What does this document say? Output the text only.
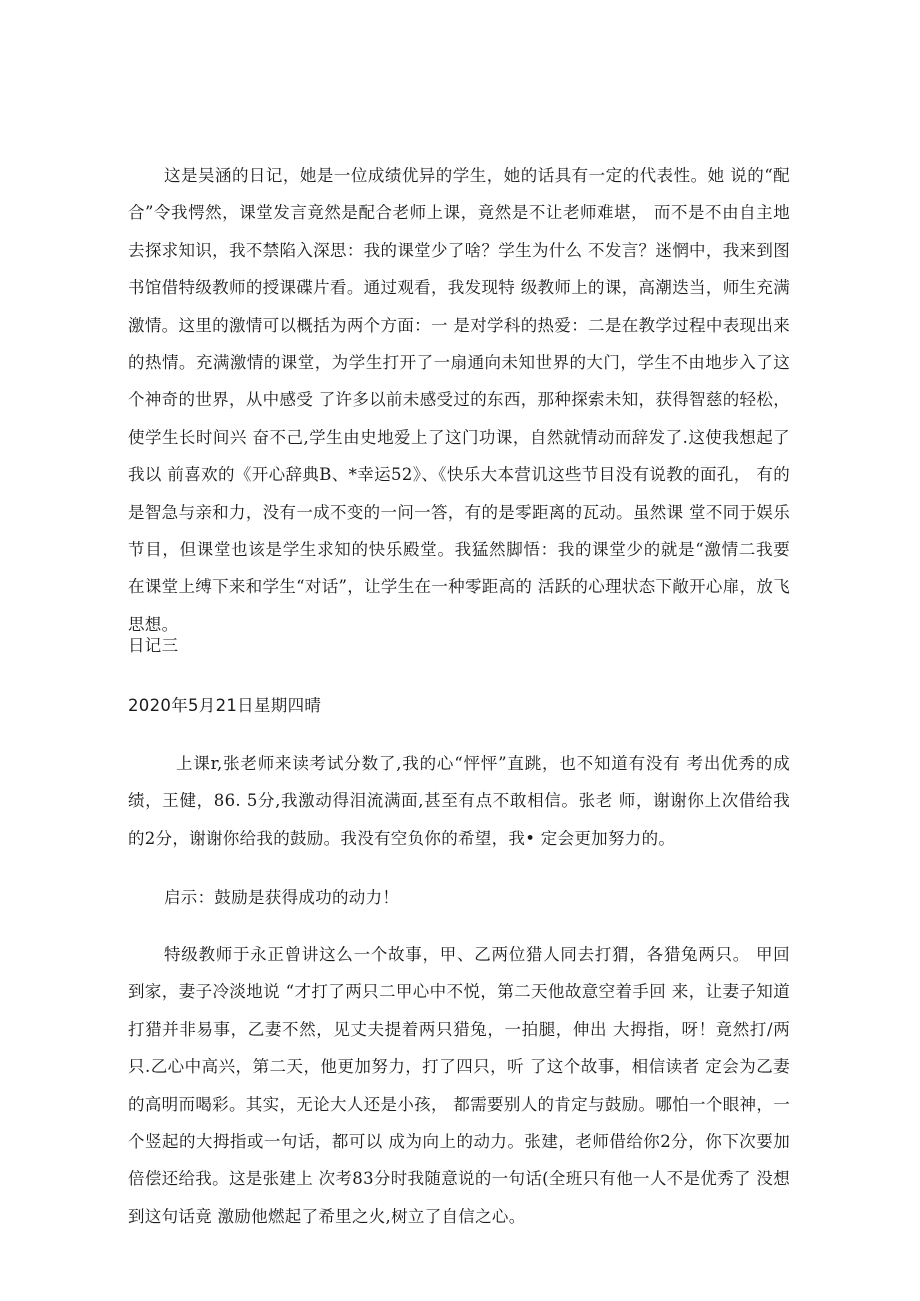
这是吴涵的日记，她是一位成绩优异的学生，她的话具有一定的代表性。她 说的“配合”令我愕然，课堂发言竟然是配合老师上课，竟然是不让老师难堪， 而不是不由自主地去探求知识，我不禁陷入深思：我的课堂少了啥？学生为什么 不发言？迷惘中，我来到图书馆借特级教师的授课碟片看。通过观看，我发现特 级教师上的课，高潮迭当，师生充满激情。这里的激情可以概括为两个方面：一 是对学科的热爱：二是在教学过程中表现出来的热情。充满激情的课堂，为学生打开了一扇通向未知世界的大门，学生不由地步入了这个神奇的世界，从中感受 了许多以前未感受过的东西，那种探索未知，获得智慈的轻松，使学生长时间兴 奋不己,学生由史地爱上了这门功课，自然就情动而辞发了.这使我想起了我以 前喜欢的《开心辞典B、*幸运52》、《快乐大本营讥这些节目没有说教的面孔， 有的是智急与亲和力，没有一成不变的一问一答，有的是零距离的瓦动。虽然课 堂不同于娱乐节目，但课堂也该是学生求知的快乐殿堂。我猛然脚悟：我的课堂少的就是“激情二我要在课堂上缚下来和学生“对话”，让学生在一种零距高的 活跃的心理状态下敞开心扉，放飞思想。

日记三

2020年5月21日星期四晴

上课r,张老师来读考试分数了,我的心“怦怦”直跳，也不知道有没有 考出优秀的成绩，王健，86. 5分,我激动得泪流满面,甚至有点不敢相信。张老 师，谢谢你上次借给我的2分，谢谢你给我的鼓励。我没有空负你的希望，我• 定会更加努力的。

启示：鼓励是获得成功的动力！

特级教师于永正曾讲这么一个故事，甲、乙两位猎人同去打猬，各猎兔两只。 甲回到家，妻子冷淡地说 “才打了两只二甲心中不悦，第二天他故意空着手回 来，让妻子知道打猎并非易事，乙妻不然，见丈夫提着两只猎兔，一拍腿，伸出 大拇指，呀！竟然打/两只.乙心中高兴，第二天，他更加努力，打了四只，听 了这个故事，相信读者 定会为乙妻的高明而喝彩。其实，无论大人还是小孩， 都需要别人的肯定与鼓励。哪怕一个眼神，一个竖起的大拇指或一句话，都可以 成为向上的动力。张建，老师借给你2分，你下次要加倍偿还给我。这是张建上 次考83分时我随意说的一句话(全班只有他一人不是优秀了 没想到这句话竟 激励他燃起了希里之火,树立了自信之心。
